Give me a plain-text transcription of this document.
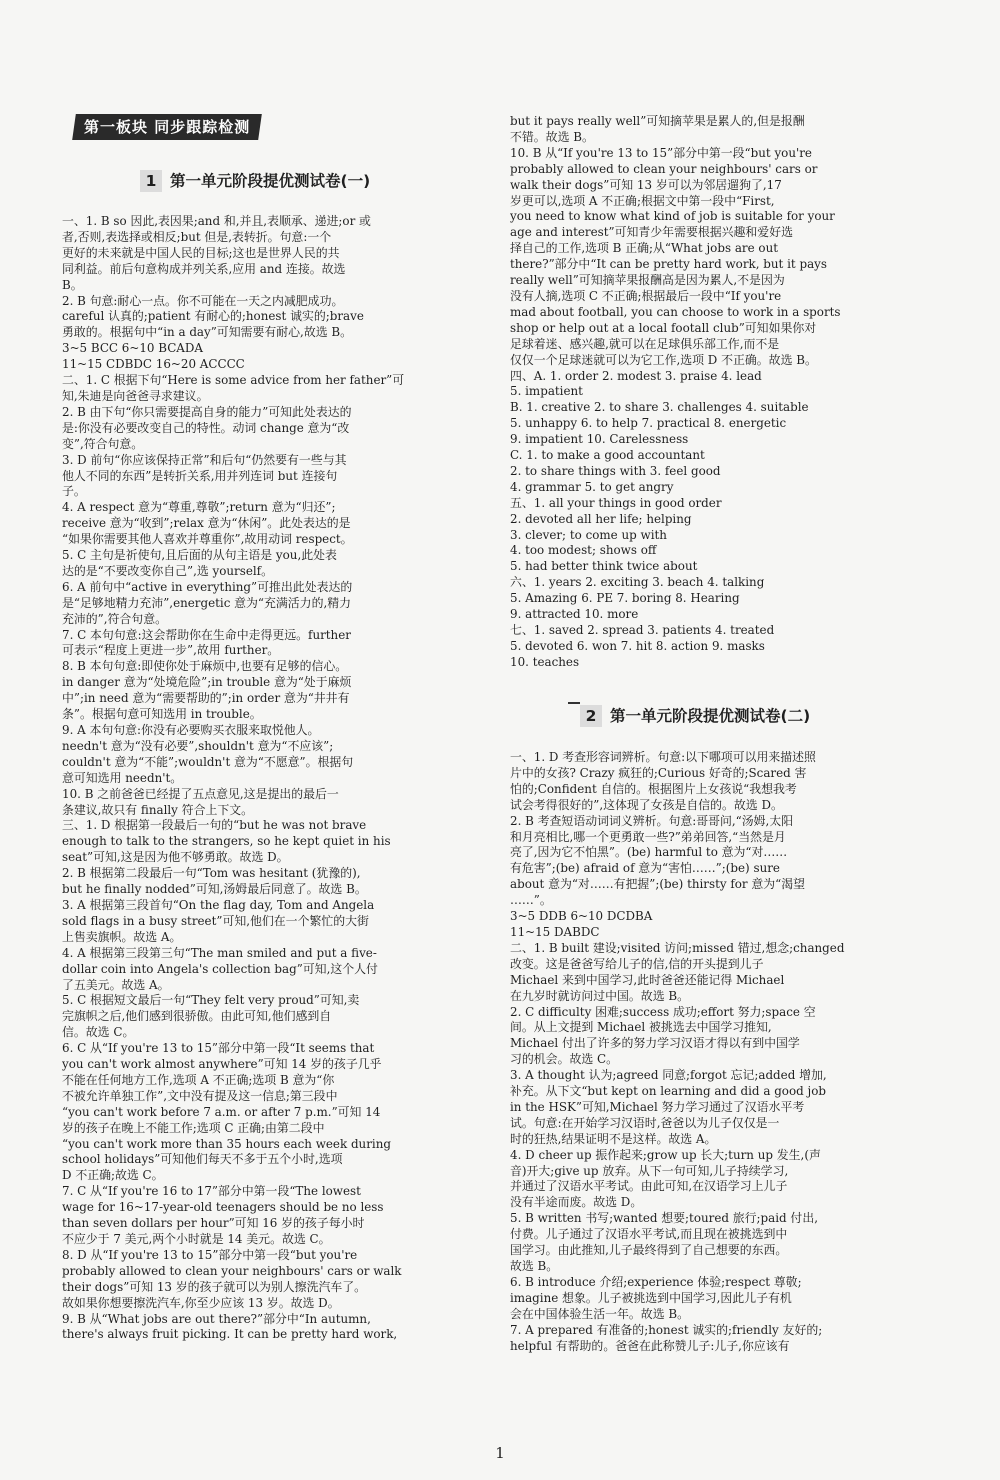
第一板块 同步跟踪检测
1 第一单元阶段提优测试卷(一)

一、1. B so 因此,表因果;and 和,并且,表顺承、递进;or 或

者,否则,表选择或相反;but 但是,表转折。句意:一个

更好的未来就是中国人民的目标;这也是世界人民的共

同利益。前后句意构成并列关系,应用 and 连接。故选

B。

2. B 句意:耐心一点。你不可能在一天之内减肥成功。

careful 认真的;patient 有耐心的;honest 诚实的;brave

勇敢的。根据句中“in a day”可知需要有耐心,故选 B。

3~5 BCC 6~10 BCADA

11~15 CDBDC 16~20 ACCCC

二、1. C 根据下句“Here is some advice from her father”可

知,朱迪是向爸爸寻求建议。

2. B 由下句“你只需要提高自身的能力”可知此处表达的

是:你没有必要改变自己的特性。动词 change 意为“改

变”,符合句意。

3. D 前句“你应该保持正常”和后句“仍然要有一些与其

他人不同的东西”是转折关系,用并列连词 but 连接句

子。

4. A respect 意为“尊重,尊敬”;return 意为“归还”;

receive 意为“收到”;relax 意为“休闲”。此处表达的是

“如果你需要其他人喜欢并尊重你”,故用动词 respect。

5. C 主句是祈使句,且后面的从句主语是 you,此处表

达的是“不要改变你自己”,选 yourself。

6. A 前句中“active in everything”可推出此处表达的

是“足够地精力充沛”,energetic 意为“充满活力的,精力

充沛的”,符合句意。

7. C 本句句意:这会帮助你在生命中走得更远。further

可表示“程度上更进一步”,故用 further。

8. B 本句句意:即使你处于麻烦中,也要有足够的信心。

in danger 意为“处境危险”;in trouble 意为“处于麻烦

中”;in need 意为“需要帮助的”;in order 意为“井井有

条”。根据句意可知选用 in trouble。

9. A 本句句意:你没有必要购买衣服来取悦他人。

needn't 意为“没有必要”,shouldn't 意为“不应该”;

couldn't 意为“不能”;wouldn't 意为“不愿意”。根据句

意可知选用 needn't。

10. B 之前爸爸已经提了五点意见,这是提出的最后一

条建议,故只有 finally 符合上下文。

三、1. D 根据第一段最后一句的“but he was not brave

enough to talk to the strangers, so he kept quiet in his

seat”可知,这是因为他不够勇敢。故选 D。

2. B 根据第二段最后一句“Tom was hesitant (犹豫的),

but he finally nodded”可知,汤姆最后同意了。故选 B。

3. A 根据第三段首句“On the flag day, Tom and Angela

sold flags in a busy street”可知,他们在一个繁忙的大街

上售卖旗帜。故选 A。

4. A 根据第三段第三句“The man smiled and put a five-

dollar coin into Angela's collection bag”可知,这个人付

了五美元。故选 A。

5. C 根据短文最后一句“They felt very proud”可知,卖

完旗帜之后,他们感到很骄傲。由此可知,他们感到自

信。故选 C。

6. C 从“If you're 13 to 15”部分中第一段“It seems that

you can't work almost anywhere”可知 14 岁的孩子几乎

不能在任何地方工作,选项 A 不正确;选项 B 意为“你

不被允许单独工作”,文中没有提及这一信息;第三段中

“you can't work before 7 a.m. or after 7 p.m.”可知 14

岁的孩子在晚上不能工作;选项 C 正确;由第二段中

“you can't work more than 35 hours each week during

school holidays”可知他们每天不多于五个小时,选项

D 不正确;故选 C。

7. C 从“If you're 16 to 17”部分中第一段“The lowest

wage for 16~17-year-old teenagers should be no less

than seven dollars per hour”可知 16 岁的孩子每小时

不应少于 7 美元,两个小时就是 14 美元。故选 C。

8. D 从“If you're 13 to 15”部分中第一段“but you're

probably allowed to clean your neighbours' cars or walk

their dogs”可知 13 岁的孩子就可以为别人擦洗汽车了。

故如果你想要擦洗汽车,你至少应该 13 岁。故选 D。

9. B 从“What jobs are out there?”部分中“In autumn,

there's always fruit picking. It can be pretty hard work,

but it pays really well”可知摘苹果是累人的,但是报酬

不错。故选 B。

10. B 从“If you're 13 to 15”部分中第一段“but you're

probably allowed to clean your neighbours' cars or

walk their dogs”可知 13 岁可以为邻居遛狗了,17

岁更可以,选项 A 不正确;根据文中第一段中“First,

you need to know what kind of job is suitable for your

age and interest”可知青少年需要根据兴趣和爱好选

择自己的工作,选项 B 正确;从“What jobs are out

there?”部分中“It can be pretty hard work, but it pays

really well”可知摘苹果报酬高是因为累人,不是因为

没有人摘,选项 C 不正确;根据最后一段中“If you're

mad about football, you can choose to work in a sports

shop or help out at a local footall club”可知如果你对

足球着迷、感兴趣,就可以在足球俱乐部工作,而不是

仅仅一个足球迷就可以为它工作,选项 D 不正确。故选 B。

四、A. 1. order 2. modest 3. praise 4. lead

5. impatient

B. 1. creative 2. to share 3. challenges 4. suitable

5. unhappy 6. to help 7. practical 8. energetic

9. impatient 10. Carelessness

C. 1. to make a good accountant

2. to share things with 3. feel good

4. grammar 5. to get angry

五、1. all your things in good order

2. devoted all her life; helping

3. clever; to come up with

4. too modest; shows off

5. had better think twice about

六、1. years 2. exciting 3. beach 4. talking

5. Amazing 6. PE 7. boring 8. Hearing

9. attracted 10. more

七、1. saved 2. spread 3. patients 4. treated

5. devoted 6. won 7. hit 8. action 9. masks

10. teaches

2 第一单元阶段提优测试卷(二)

一、1. D 考查形容词辨析。句意:以下哪项可以用来描述照

片中的女孩? Crazy 疯狂的;Curious 好奇的;Scared 害

怕的;Confident 自信的。根据图片上女孩说“我想我考

试会考得很好的”,这体现了女孩是自信的。故选 D。

2. B 考查短语动词词义辨析。句意:哥哥问,“汤姆,太阳

和月亮相比,哪一个更勇敢一些?”弟弟回答,“当然是月

亮了,因为它不怕黑”。(be) harmful to 意为“对……

有危害”;(be) afraid of 意为“害怕……”;(be) sure

about 意为“对……有把握”;(be) thirsty for 意为“渴望

……”。

3~5 DDB 6~10 DCDBA

11~15 DABDC

二、1. B built 建设;visited 访问;missed 错过,想念;changed

改变。这是爸爸写给儿子的信,信的开头提到儿子

Michael 来到中国学习,此时爸爸还能记得 Michael

在九岁时就访问过中国。故选 B。

2. C difficulty 困难;success 成功;effort 努力;space 空

间。从上文提到 Michael 被挑选去中国学习推知,

Michael 付出了许多的努力学习汉语才得以有到中国学

习的机会。故选 C。

3. A thought 认为;agreed 同意;forgot 忘记;added 增加,

补充。从下文“but kept on learning and did a good job

in the HSK”可知,Michael 努力学习通过了汉语水平考

试。句意:在开始学习汉语时,爸爸以为儿子仅仅是一

时的狂热,结果证明不是这样。故选 A。

4. D cheer up 振作起来;grow up 长大;turn up 发生,(声

音)开大;give up 放弃。从下一句可知,儿子持续学习,

并通过了汉语水平考试。由此可知,在汉语学习上儿子

没有半途而废。故选 D。

5. B written 书写;wanted 想要;toured 旅行;paid 付出,

付费。儿子通过了汉语水平考试,而且现在被挑选到中

国学习。由此推知,儿子最终得到了自己想要的东西。

故选 B。

6. B introduce 介绍;experience 体验;respect 尊敬;

imagine 想象。儿子被挑选到中国学习,因此儿子有机

会在中国体验生活一年。故选 B。

7. A prepared 有准备的;honest 诚实的;friendly 友好的;

helpful 有帮助的。爸爸在此称赞儿子:儿子,你应该有

1
